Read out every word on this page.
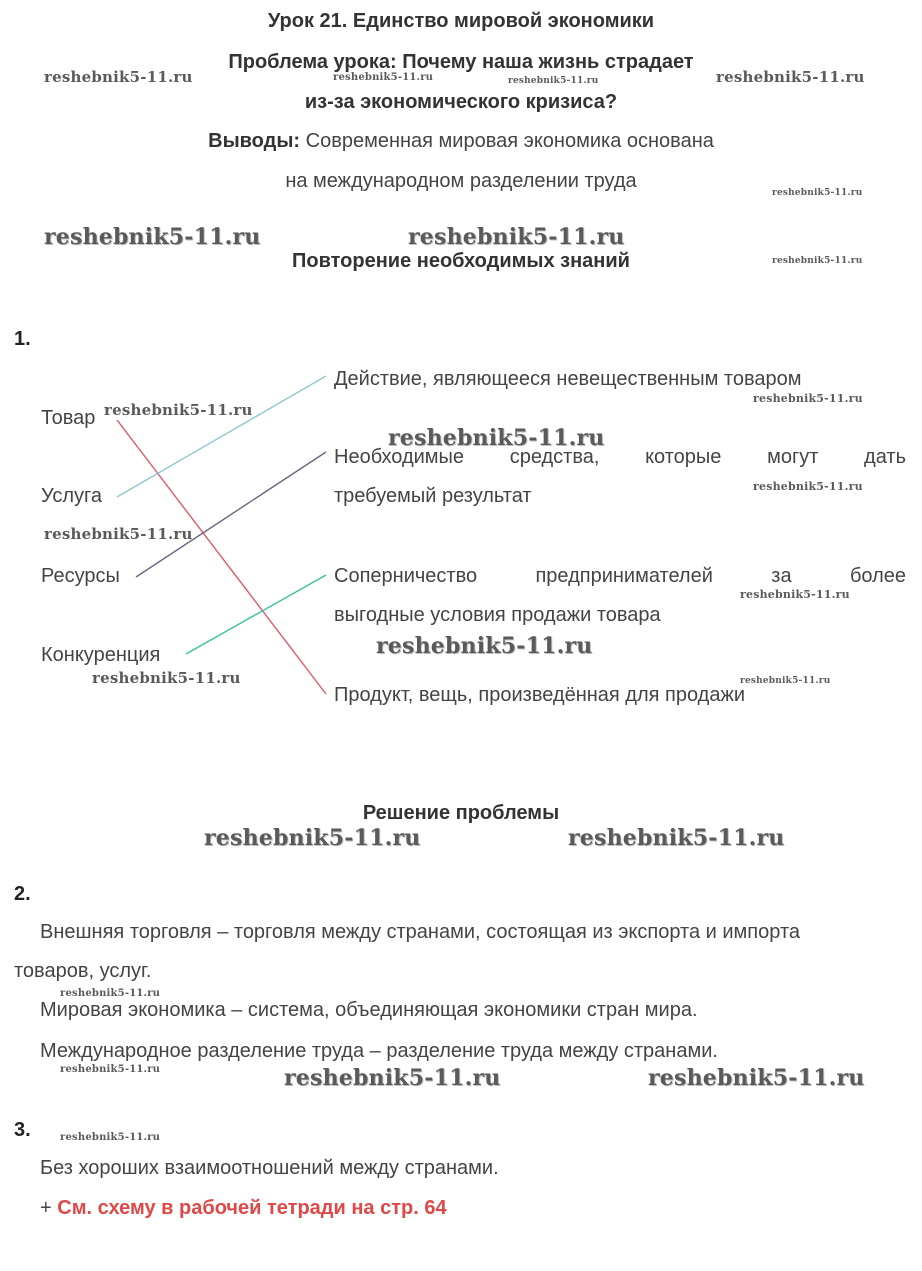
Урок 21. Единство мировой экономики
Проблема урока: Почему наша жизнь страдает
из-за экономического кризиса?
Выводы: Современная мировая экономика основана
на международном разделении труда
Повторение необходимых знаний
1.
Товар
Услуга
Ресурсы
Конкуренция
Действие, являющееся невещественным товаром
Необходимые средства, которые могут дать
требуемый результат
Соперничество предпринимателей за более
выгодные условия продажи товара
Продукт, вещь, произведённая для продажи
Решение проблемы
2.
Внешняя торговля – торговля между странами, состоящая из экспорта и импорта
товаров, услуг.
Мировая экономика – система, объединяющая экономики стран мира.
Международное разделение труда – разделение труда между странами.
3.
Без хороших взаимоотношений между странами.
+ См. схему в рабочей тетради на стр. 64
reshebnik5-11.ru	reshebnik5-11.ru	reshebnik5-11.ru	reshebnik5-11.ru
reshebnik5-11.ru
reshebnik5-11.ru	reshebnik5-11.ru
reshebnik5-11.ru
reshebnik5-11.ru
reshebnik5-11.ru
reshebnik5-11.ru
reshebnik5-11.ru
reshebnik5-11.ru
reshebnik5-11.ru
reshebnik5-11.ru
reshebnik5-11.ru	reshebnik5-11.ru
reshebnik5-11.ru	reshebnik5-11.ru
reshebnik5-11.ru
reshebnik5-11.ru	reshebnik5-11.ru	reshebnik5-11.ru
reshebnik5-11.ru
